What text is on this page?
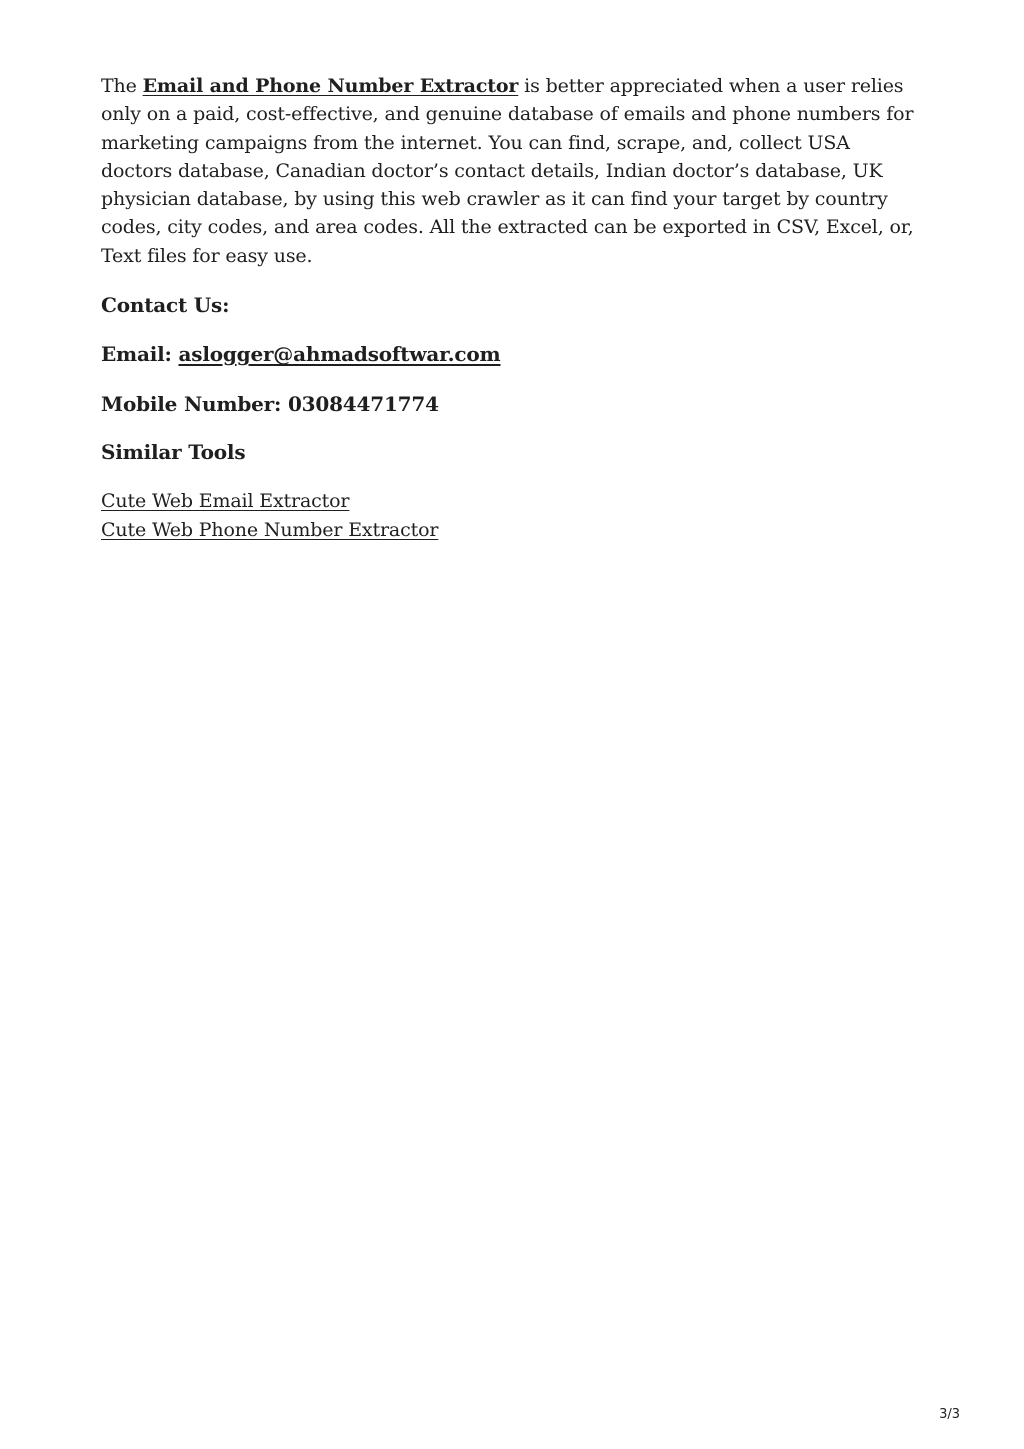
The Email and Phone Number Extractor is better appreciated when a user relies only on a paid, cost-effective, and genuine database of emails and phone numbers for marketing campaigns from the internet. You can find, scrape, and, collect USA doctors database, Canadian doctor’s contact details, Indian doctor’s database, UK physician database, by using this web crawler as it can find your target by country codes, city codes, and area codes. All the extracted can be exported in CSV, Excel, or, Text files for easy use.

Contact Us:

Email: aslogger@ahmadsoftwar.com

Mobile Number: 03084471774

Similar Tools

Cute Web Email Extractor
Cute Web Phone Number Extractor
3/3
